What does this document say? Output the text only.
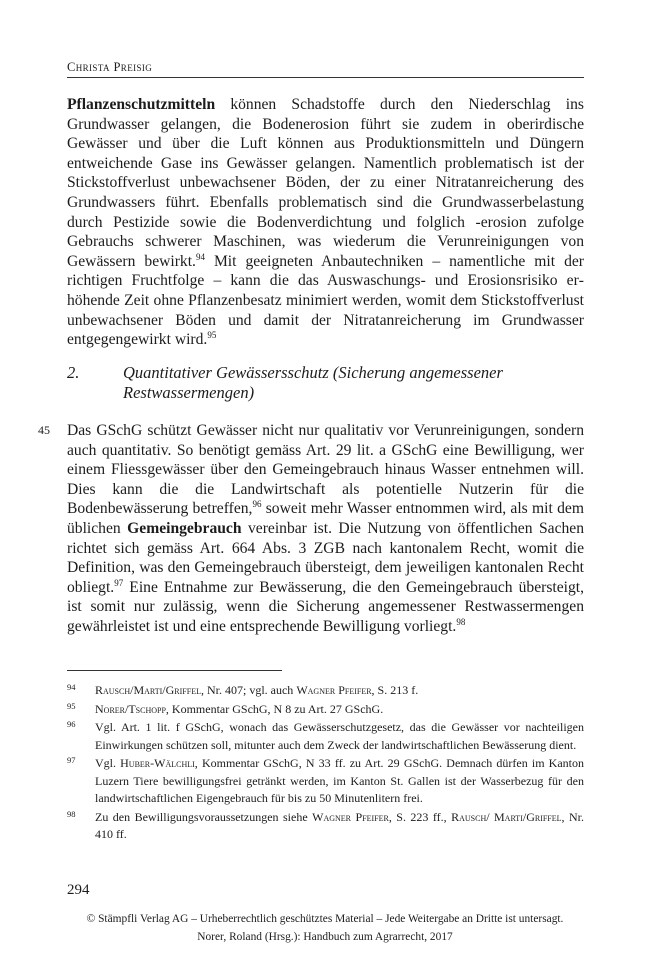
Christa Preisig
Pflanzenschutzmitteln können Schadstoffe durch den Niederschlag ins Grundwasser gelangen, die Bodenerosion führt sie zudem in oberirdische Gewässer und über die Luft können aus Produktionsmitteln und Düngern entweichende Gase ins Gewässer gelangen. Namentlich problematisch ist der Stickstoffverlust unbewachsener Böden, der zu einer Nitratanreicherung des Grundwassers führt. Ebenfalls problematisch sind die Grundwasserbelastung durch Pestizide sowie die Bodenverdichtung und folglich -erosion zufolge Gebrauchs schwerer Maschinen, was wiederum die Verunreinigungen von Gewässern bewirkt.$^{94}$ Mit geeigneten Anbautechniken – namentliche mit der richtigen Fruchtfolge – kann die das Auswaschungs- und Erosionsrisiko erhöhende Zeit ohne Pflanzenbesatz minimiert werden, womit dem Stickstoffverlust unbewachsener Böden und damit der Nitratanreicherung im Grundwasser entgegengewirkt wird.$^{95}$
2.	Quantitativer Gewässersschutz (Sicherung angemessener Restwassermengen)
45 Das GSchG schützt Gewässer nicht nur qualitativ vor Verunreinigungen, sondern auch quantitativ. So benötigt gemäss Art. 29 lit. a GSchG eine Bewilligung, wer einem Fliessgewässer über den Gemeingebrauch hinaus Wasser entnehmen will. Dies kann die die Landwirtschaft als potentielle Nutzerin für die Bodenbewässerung betreffen,$^{96}$ soweit mehr Wasser entnommen wird, als mit dem üblichen Gemeingebrauch vereinbar ist. Die Nutzung von öffentlichen Sachen richtet sich gemäss Art. 664 Abs. 3 ZGB nach kantonalem Recht, womit die Definition, was den Gemeingebrauch übersteigt, dem jeweiligen kantonalen Recht obliegt.$^{97}$ Eine Entnahme zur Bewässerung, die den Gemeingebrauch übersteigt, ist somit nur zulässig, wenn die Sicherung angemessener Restwassermengen gewährleistet ist und eine entsprechende Bewilligung vorliegt.$^{98}$
94 Rausch/Marti/Griffel, Nr. 407; vgl. auch Wagner Pfeifer, S. 213 f.
95 Norer/Tschopp, Kommentar GSchG, N 8 zu Art. 27 GSchG.
96 Vgl. Art. 1 lit. f GSchG, wonach das Gewässerschutzgesetz, das die Gewässer vor nachteiligen Einwirkungen schützen soll, mitunter auch dem Zweck der landwirtschaftlichen Bewässerung dient.
97 Vgl. Huber-Wälchli, Kommentar GSchG, N 33 ff. zu Art. 29 GSchG. Demnach dürfen im Kanton Luzern Tiere bewilligungsfrei getränkt werden, im Kanton St. Gallen ist der Wasserbezug für den landwirtschaftlichen Eigengebrauch für bis zu 50 Minutenlitern frei.
98 Zu den Bewilligungsvoraussetzungen siehe Wagner Pfeifer, S. 223 ff., Rausch/ Marti/Griffel, Nr. 410 ff.
294
© Stämpfli Verlag AG – Urheberrechtlich geschütztes Material – Jede Weitergabe an Dritte ist untersagt.
Norer, Roland (Hrsg.): Handbuch zum Agrarrecht, 2017
